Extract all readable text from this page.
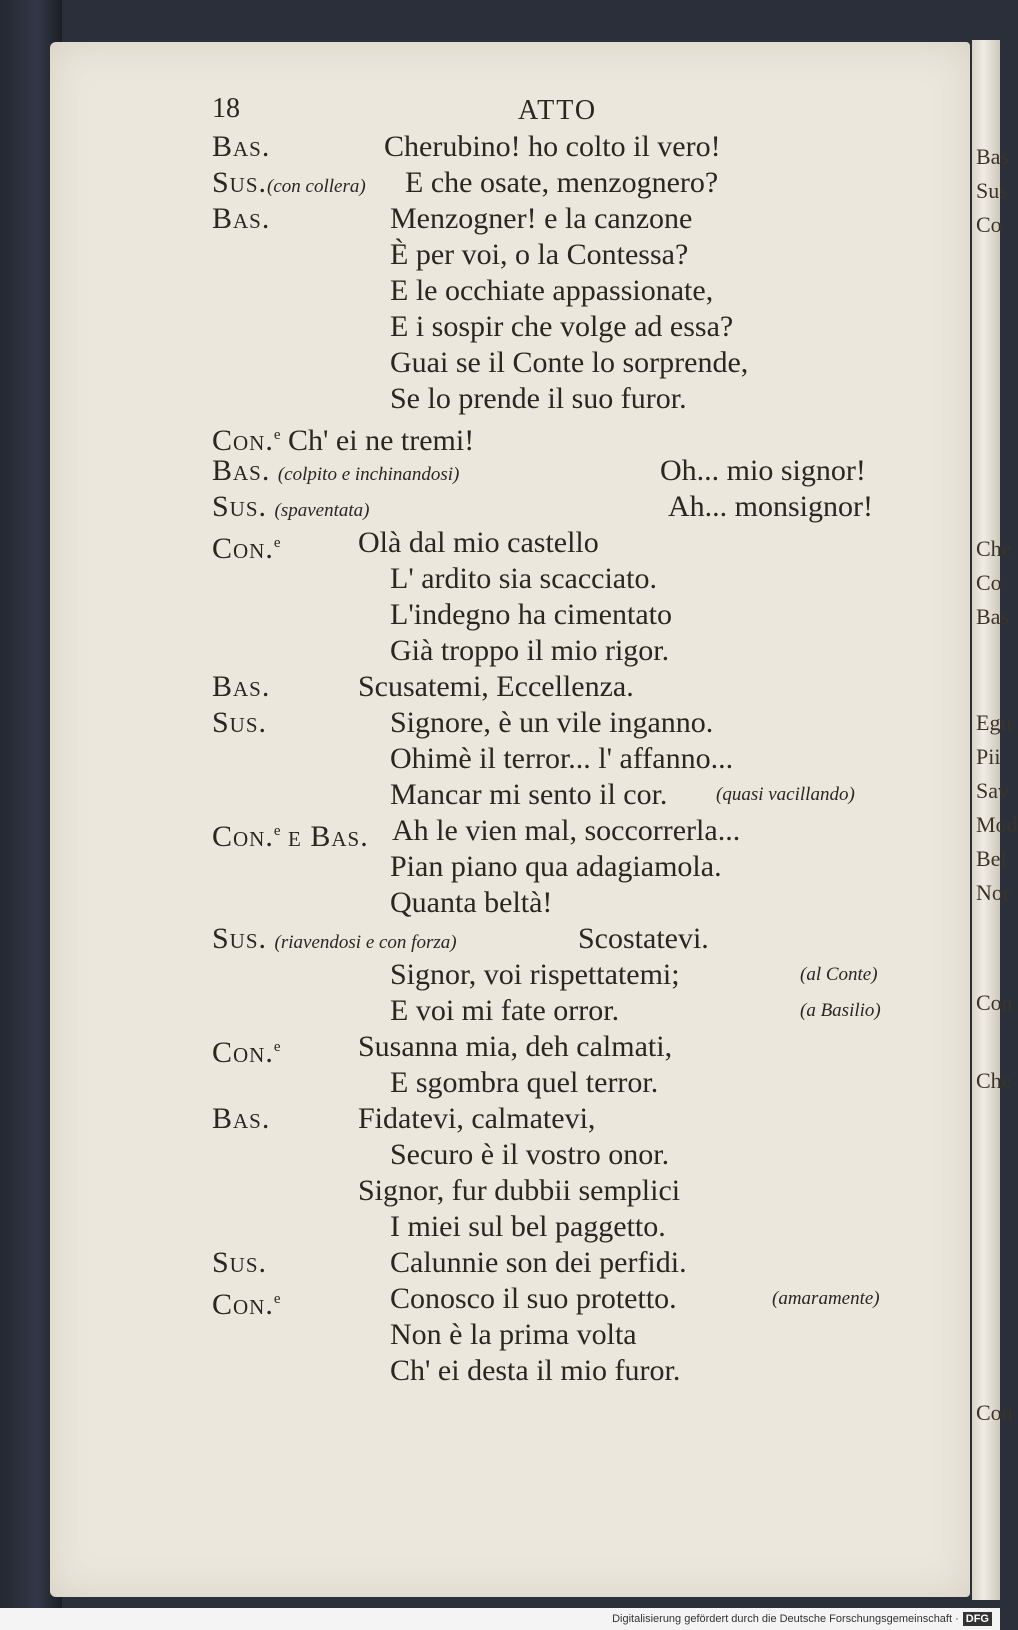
18	ATTO
Bas.	Cherubino! ho colto il vero!
Sus.(con collera) E che osate, menzognero?
Bas.	Menzogner! e la canzone
È per voi, o la Contessa?
E le occhiate appassionate,
E i sospir che volge ad essa?
Guai se il Conte lo sorprende,
Se lo prende il suo furor.
Con.$^e$ Ch' ei ne tremi!
Bas. (colpito e inchinandosi)	Oh... mio signor!
Sus. (spaventata)	Ah... monsignor!
Con.$^e$	Olà dal mio castello
L' ardito sia scacciato.
L'indegno ha cimentato
Già troppo il mio rigor.
Bas.	Scusatemi, Eccellenza.
Sus.	Signore, è un vile inganno.
Ohimè il terror... l' affanno...
Mancar mi sento il cor.	(quasi vacillando)
Con.$^e$ e Bas. Ah le vien mal, soccorrerla...
Pian piano qua adagiamola.
Quanta beltà!
Sus. (riavendosi e con forza)	Scostatevi.
Signor, voi rispettatemi;	(al Conte)
E voi mi fate orror.	(a Basilio)
Con.$^e$	Susanna mia, deh calmati,
E sgombra quel terror.
Bas.	Fidatevi, calmatevi,
Securo è il vostro onor.
Signor, fur dubbii semplici
I miei sul bel paggetto.
Sus.	Calunnie son dei perfidi.
Con.$^e$	Conosco il suo protetto.	(amaramente)
Non è la prima volta
Ch' ei desta il mio furor.
Bas
Sus
Co
Che
Co
Bas
Egu
Pii
Sav
Mod
Bel
Nor
Con
Che
Con
Digitalisierung gefördert durch die Deutsche Forschungsgemeinschaft · DFG
